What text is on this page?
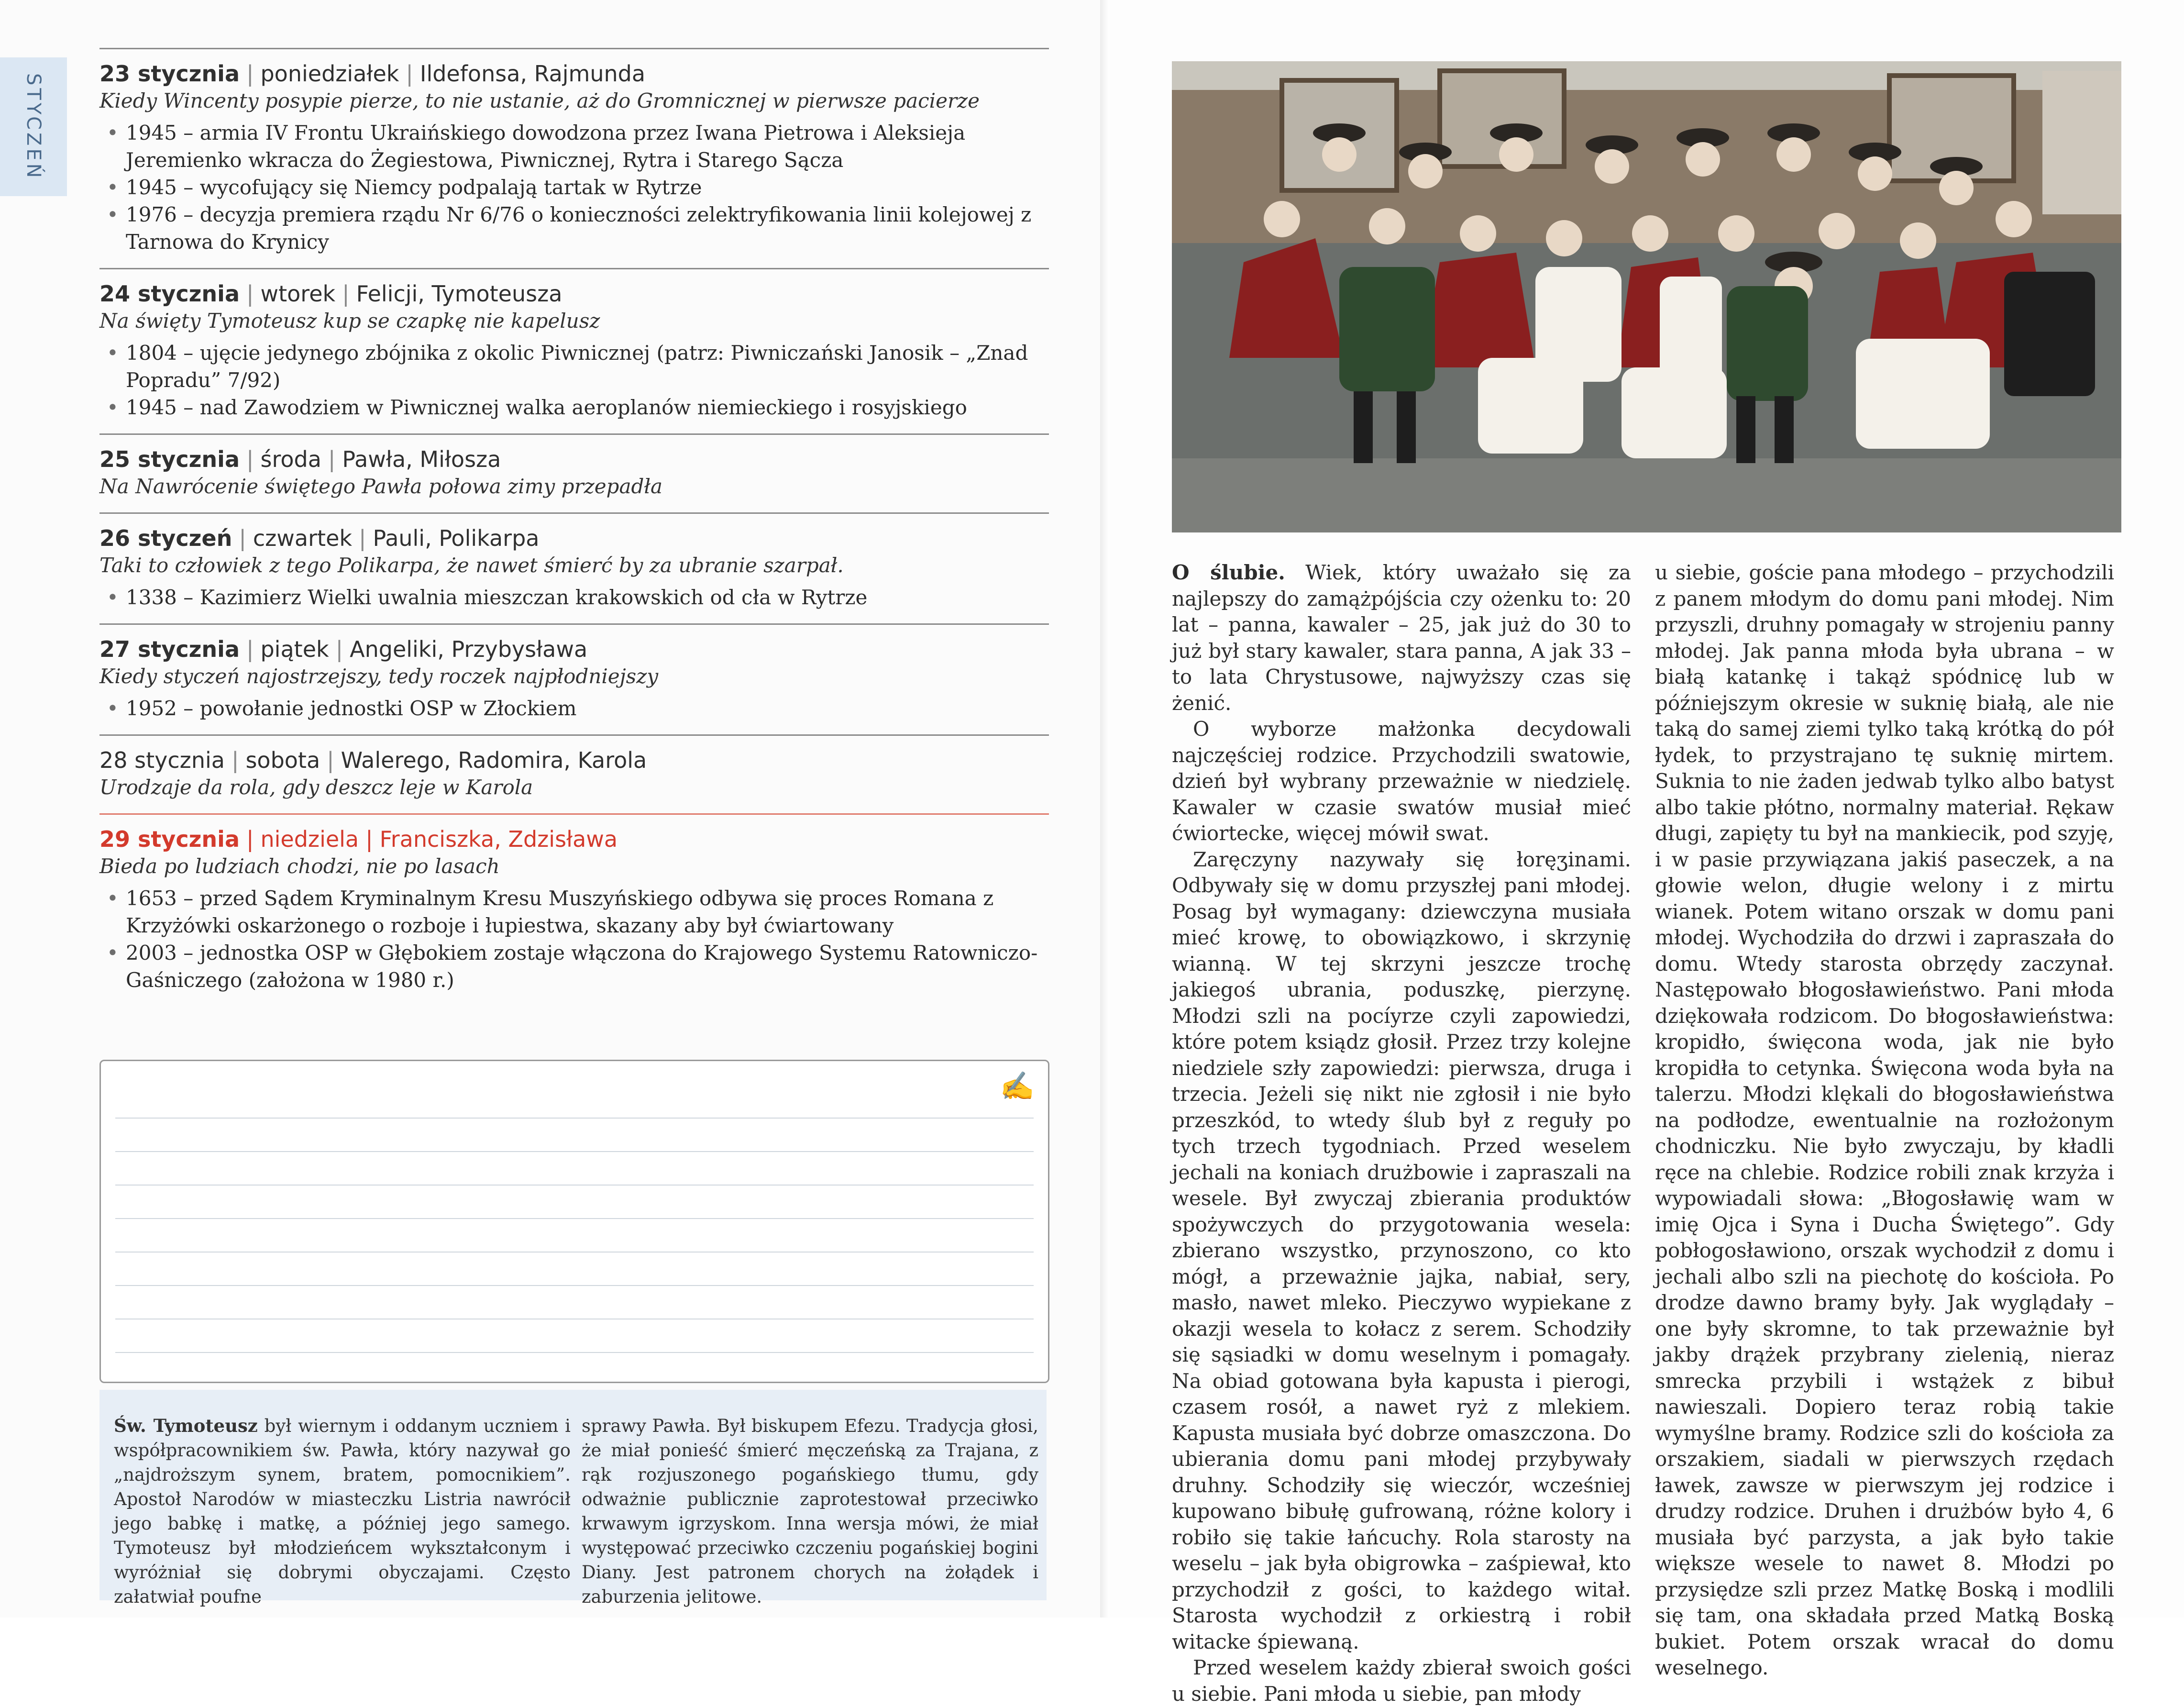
STYCZEŃ	23 stycznia | poniedziałek | Ildefonsa, Rajmunda
Kiedy Wincenty posypie pierze, to nie ustanie, aż do Gromnicznej w pierwsze pacierze
• 1945 – armia IV Frontu Ukraińskiego dowodzona przez Iwana Pietrowa i Aleksieja Jeremienko wkracza do Żegiestowa, Piwnicznej, Rytra i Starego Sącza
• 1945 – wycofujący się Niemcy podpalają tartak w Rytrze
• 1976 – decyzja premiera rządu Nr 6/76 o konieczności zelektryfikowania linii kolejowej z Tarnowa do Krynicy
24 stycznia | wtorek | Felicji, Tymoteusza
Na święty Tymoteusz kup se czapkę nie kapelusz
• 1804 – ujęcie jedynego zbójnika z okolic Piwnicznej (patrz: Piwniczański Janosik – „Znad Popradu” 7/92)
• 1945 – nad Zawodziem w Piwnicznej walka aeroplanów niemieckiego i rosyjskiego
25 stycznia | środa | Pawła, Miłosza
Na Nawrócenie świętego Pawła połowa zimy przepadła
26 styczeń | czwartek | Pauli, Polikarpa
Taki to człowiek z tego Polikarpa, że nawet śmierć by za ubranie szarpał.
• 1338 – Kazimierz Wielki uwalnia mieszczan krakowskich od cła w Rytrze
27 stycznia | piątek | Angeliki, Przybysława
Kiedy styczeń najostrzejszy, tedy roczek najpłodniejszy
• 1952 – powołanie jednostki OSP w Złockiem
28 stycznia | sobota | Walerego, Radomira, Karola
Urodzaje da rola, gdy deszcz leje w Karola
29 stycznia | niedziela | Franciszka, Zdzisława
Bieda po ludziach chodzi, nie po lasach
• 1653 – przed Sądem Kryminalnym Kresu Muszyńskiego odbywa się proces Romana z Krzyżówki oskarżonego o rozboje i łupiestwa, skazany aby był ćwiartowany
• 2003 – jednostka OSP w Głębokiem zostaje włączona do Krajowego Systemu Ratowniczo-Gaśniczego (założona w 1980 r.)
✍
Św. Tymoteusz był wiernym i oddanym uczniem i współpracownikiem św. Pawła, który nazywał go „najdroższym synem, bratem, pomocnikiem”. Apostoł Narodów w miasteczku Listria nawrócił jego babkę i matkę, a później jego samego. Tymoteusz był młodzieńcem wykształconym i wyróżniał się dobrymi obyczajami. Często załatwiał poufne
sprawy Pawła. Był biskupem Efezu. Tradycja głosi, że miał ponieść śmierć męczeńską za Trajana, z rąk rozjuszonego pogańskiego tłumu, gdy odważnie publicznie zaprotestował przeciwko krwawym igrzyskom. Inna wersja mówi, że miał występować przeciwko czczeniu pogańskiej bogini Diany. Jest patronem chorych na żołądek i zaburzenia jelitowe.

O ślubie. Wiek, który uważało się za najlepszy do zamążpójścia czy ożenku to: 20 lat – panna, kawaler – 25, jak już do 30 to już był stary kawaler, stara panna, A jak 33 – to lata Chrystusowe, najwyższy czas się żenić.

O wyborze małżonka decydowali najczęściej rodzice. Przychodzili swatowie, dzień był wybrany przeważnie w niedzielę. Kawaler w czasie swatów musiał mieć ćwiortecke, więcej mówił swat.

Zaręczyny nazywały się łoręʒinami. Odbywały się w domu przyszłej pani młodej. Posag był wymagany: dziewczyna musiała mieć krowę, to obowiązkowo, i skrzynię wianną. W tej skrzyni jeszcze trochę jakiegoś ubrania, poduszkę, pierzynę. Młodzi szli na pocíyrze czyli zapowiedzi, które potem ksiądz głosił. Przez trzy kolejne niedziele szły zapowiedzi: pierwsza, druga i trzecia. Jeżeli się nikt nie zgłosił i nie było przeszkód, to wtedy ślub był z reguły po tych trzech tygodniach. Przed weselem jechali na koniach drużbowie i zapraszali na wesele. Był zwyczaj zbierania produktów spożywczych do przygotowania wesela: zbierano wszystko, przynoszono, co kto mógł, a przeważnie jajka, nabiał, sery, masło, nawet mleko. Pieczywo wypiekane z okazji wesela to kołacz z serem. Schodziły się sąsiadki w domu weselnym i pomagały. Na obiad gotowana była kapusta i pierogi, czasem rosół, a nawet ryż z mlekiem. Kapusta musiała być dobrze omaszczona. Do ubierania domu pani młodej przybywały druhny. Schodziły się wieczór, wcześniej kupowano bibułę gufrowaną, różne kolory i robiło się takie łańcuchy. Rola starosty na weselu – jak była obigrowka – zaśpiewał, kto przychodził z gości, to każdego witał. Starosta wychodził z orkiestrą i robił witacke śpiewaną.

Przed weselem każdy zbierał swoich gości u siebie. Pani młoda u siebie, pan młody

u siebie, goście pana młodego – przychodzili z panem młodym do domu pani młodej. Nim przyszli, druhny pomagały w strojeniu panny młodej. Jak panna młoda była ubrana – w białą katankę i takąż spódnicę lub w późniejszym okresie w suknię białą, ale nie taką do samej ziemi tylko taką krótką do pół łydek, to przystrajano tę suknię mirtem. Suknia to nie żaden jedwab tylko albo batyst albo takie płótno, normalny materiał. Rękaw długi, zapięty tu był na mankiecik, pod szyję, i w pasie przywiązana jakiś paseczek, a na głowie welon, długie welony i z mirtu wianek. Potem witano orszak w domu pani młodej. Wychodziła do drzwi i zapraszała do domu. Wtedy starosta obrzędy zaczynał. Następowało błogosławieństwo. Pani młoda dziękowała rodzicom. Do błogosławieństwa: kropidło, święcona woda, jak nie było kropidła to cetynka. Święcona woda była na talerzu. Młodzi klękali do błogosławieństwa na podłodze, ewentualnie na rozłożonym chodniczku. Nie było zwyczaju, by kładli ręce na chlebie. Rodzice robili znak krzyża i wypowiadali słowa: „Błogosławię wam w imię Ojca i Syna i Ducha Świętego”. Gdy pobłogosławiono, orszak wychodził z domu i jechali albo szli na piechotę do kościoła. Po drodze dawno bramy były. Jak wyglądały – one były skromne, to tak przeważnie był jakby drążek przybrany zielenią, nieraz smrecka przybili i wstążek z bibuł nawieszali. Dopiero teraz robią takie wymyślne bramy. Rodzice szli do kościoła za orszakiem, siadali w pierwszych rzędach ławek, zawsze w pierwszym jej rodzice i drudzy rodzice. Druhen i drużbów było 4, 6 musiała być parzysta, a jak było takie większe wesele to nawet 8. Młodzi po przysiędze szli przez Matkę Boską i modlili się tam, ona składała przed Matką Boską bukiet. Potem orszak wracał do domu weselnego.
